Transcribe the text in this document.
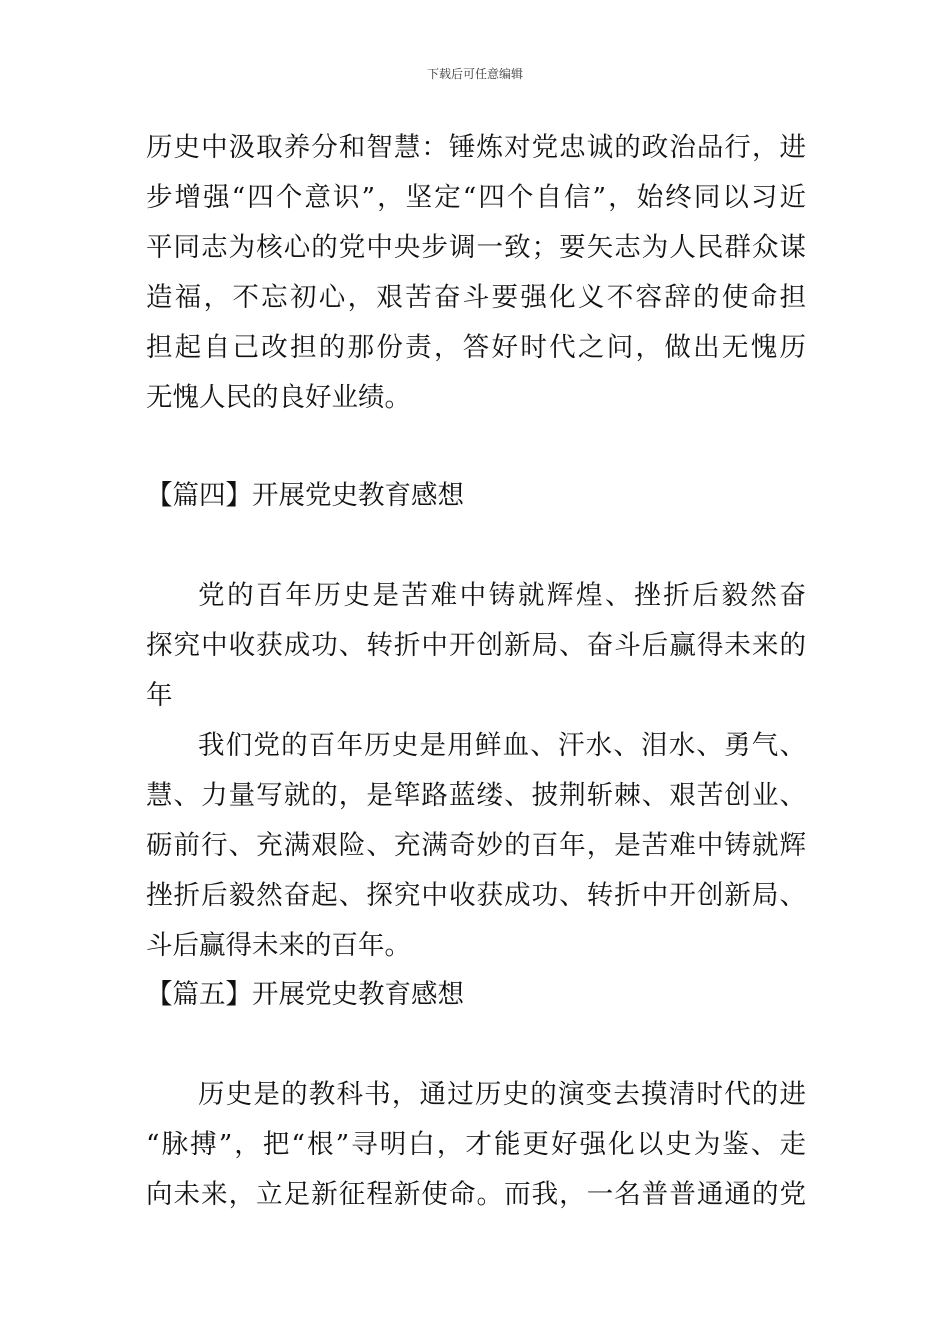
下载后可任意编辑
历史中汲取养分和智慧：锤炼对党忠诚的政治品行，进
步增强“四个意识”，坚定“四个自信”，始终同以习近
平同志为核心的党中央步调一致；要矢志为人民群众谋
造福，不忘初心，艰苦奋斗要强化义不容辞的使命担
担起自己改担的那份责，答好时代之问，做出无愧历
无愧人民的良好业绩。
【篇四】开展党史教育感想
党的百年历史是苦难中铸就辉煌、挫折后毅然奋
探究中收获成功、转折中开创新局、奋斗后赢得未来的
年
我们党的百年历史是用鲜血、汗水、泪水、勇气、
慧、力量写就的，是筚路蓝缕、披荆斩棘、艰苦创业、
砺前行、充满艰险、充满奇妙的百年，是苦难中铸就辉
挫折后毅然奋起、探究中收获成功、转折中开创新局、
斗后赢得未来的百年。
【篇五】开展党史教育感想
历史是的教科书，通过历史的演变去摸清时代的进
“脉搏”，把“根”寻明白，才能更好强化以史为鉴、走
向未来，立足新征程新使命。而我，一名普普通通的党
